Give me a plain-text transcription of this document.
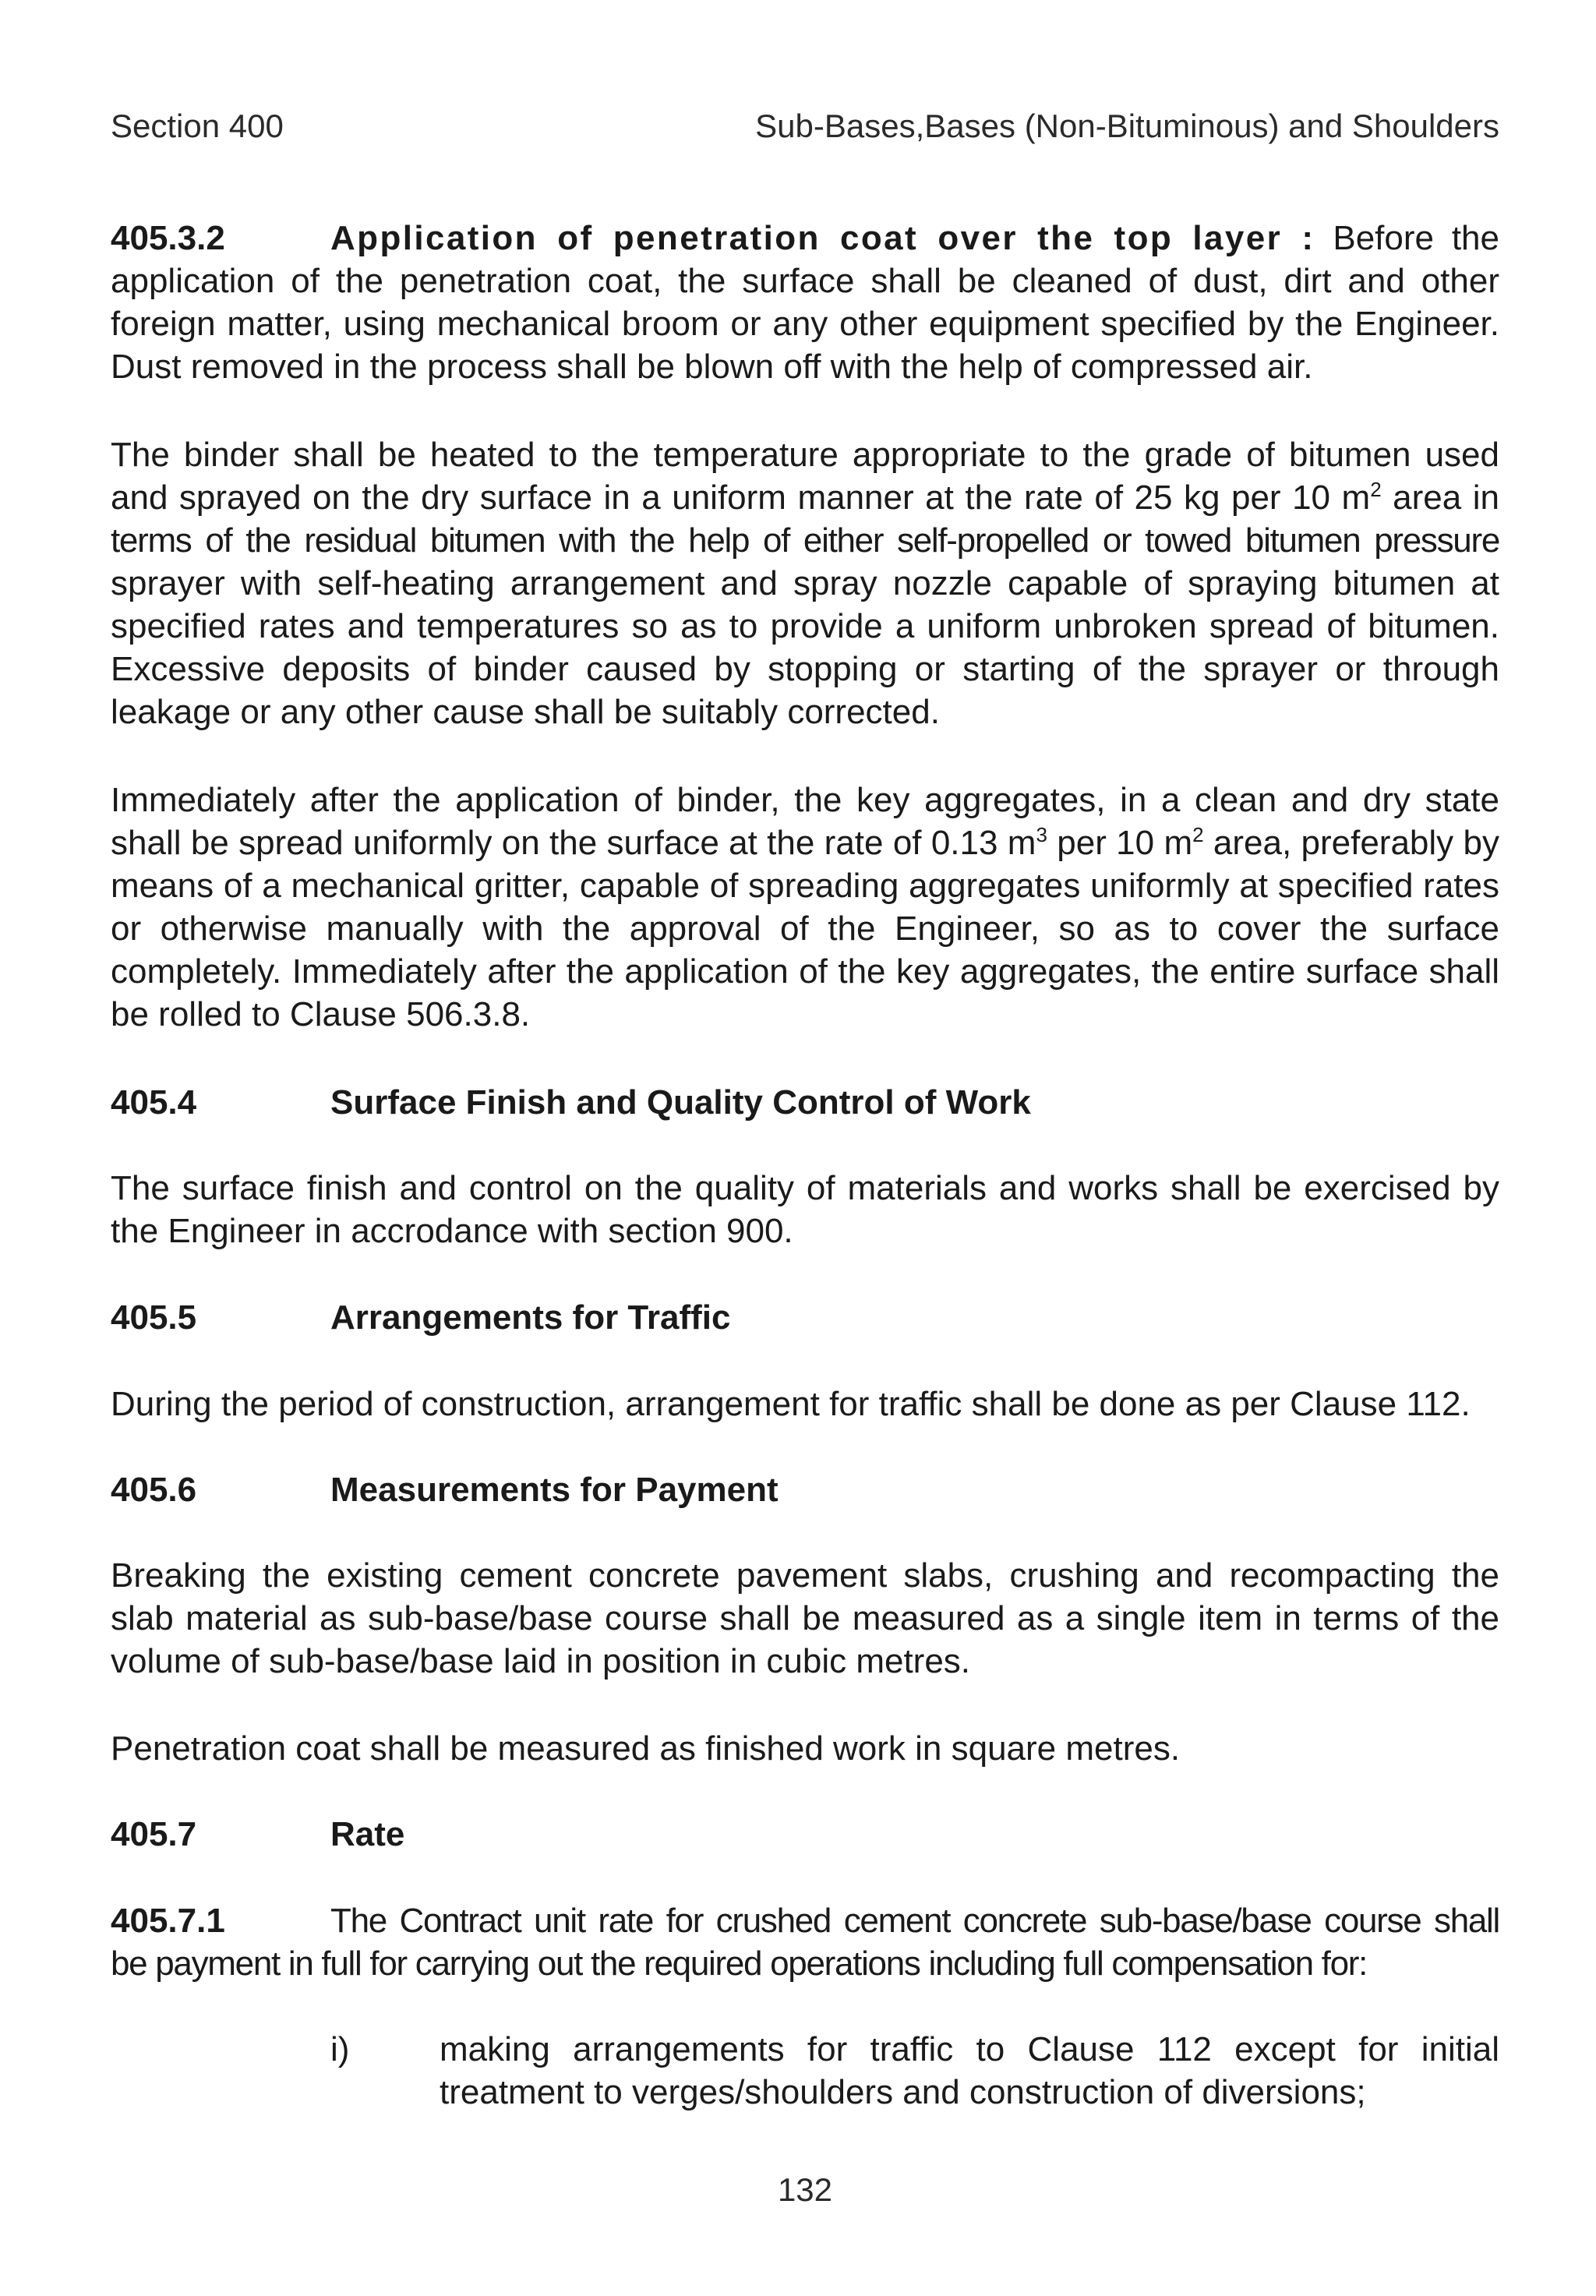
Section 400	Sub-Bases,Bases (Non-Bituminous) and Shoulders
405.3.2	Application of penetration coat over the top layer : Before the application of the penetration coat, the surface shall be cleaned of dust, dirt and other foreign matter, using mechanical broom or any other equipment specified by the Engineer. Dust removed in the process shall be blown off with the help of compressed air.
The binder shall be heated to the temperature appropriate to the grade of bitumen used and sprayed on the dry surface in a uniform manner at the rate of 25 kg per 10 $m^2$ area in terms of the residual bitumen with the help of either self-propelled or towed bitumen pressure sprayer with self-heating arrangement and spray nozzle capable of spraying bitumen at specified rates and temperatures so as to provide a uniform unbroken spread of bitumen. Excessive deposits of binder caused by stopping or starting of the sprayer or through leakage or any other cause shall be suitably corrected.
Immediately after the application of binder, the key aggregates, in a clean and dry state shall be spread uniformly on the surface at the rate of 0.13 $m^3$ per 10 $m^2$ area, preferably by means of a mechanical gritter, capable of spreading aggregates uniformly at specified rates or otherwise manually with the approval of the Engineer, so as to cover the surface completely. Immediately after the application of the key aggregates, the entire surface shall be rolled to Clause 506.3.8.
405.4	Surface Finish and Quality Control of Work
The surface finish and control on the quality of materials and works shall be exercised by the Engineer in accrodance with section 900.
405.5	Arrangements for Traffic
During the period of construction, arrangement for traffic shall be done as per Clause 112.
405.6	Measurements for Payment
Breaking the existing cement concrete pavement slabs, crushing and recompacting the slab material as sub-base/base course shall be measured as a single item in terms of the volume of sub-base/base laid in position in cubic metres.
Penetration coat shall be measured as finished work in square metres.
405.7	Rate
405.7.1	The Contract unit rate for crushed cement concrete sub-base/base course shall be payment in full for carrying out the required operations including full compensation for:
i)	making arrangements for traffic to Clause 112 except for initial treatment to verges/shoulders and construction of diversions;
132
